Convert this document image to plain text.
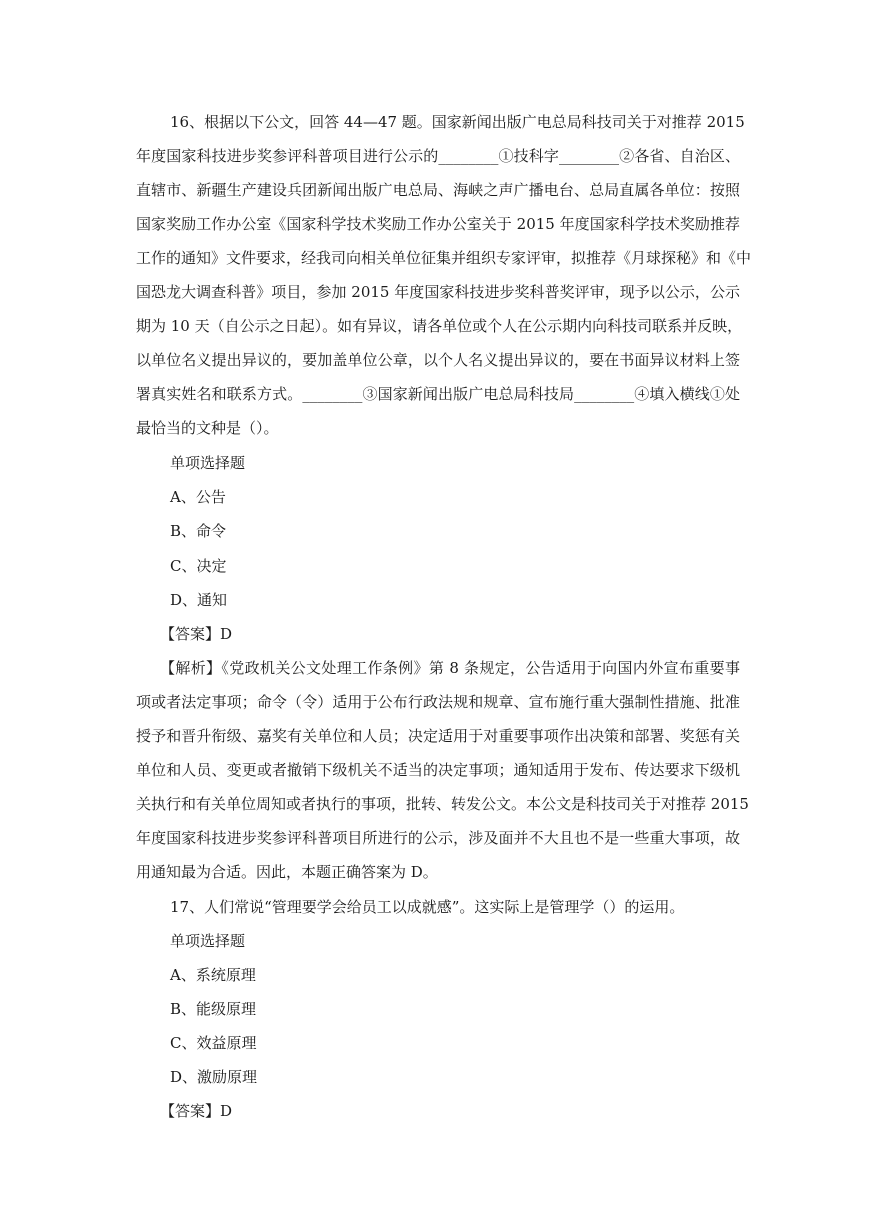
16、根据以下公文，回答 44—47 题。国家新闻出版广电总局科技司关于对推荐 2015
年度国家科技进步奖参评科普项目进行公示的________①技科字________②各省、自治区、
直辖市、新疆生产建设兵团新闻出版广电总局、海峡之声广播电台、总局直属各单位：按照
国家奖励工作办公室《国家科学技术奖励工作办公室关于 2015 年度国家科学技术奖励推荐
工作的通知》文件要求，经我司向相关单位征集并组织专家评审，拟推荐《月球探秘》和《中
国恐龙大调查科普》项目，参加 2015 年度国家科技进步奖科普奖评审，现予以公示，公示
期为 10 天（自公示之日起）。如有异议，请各单位或个人在公示期内向科技司联系并反映，
以单位名义提出异议的，要加盖单位公章，以个人名义提出异议的，要在书面异议材料上签
署真实姓名和联系方式。________③国家新闻出版广电总局科技局________④填入横线①处
最恰当的文种是（）。
单项选择题
A、公告
B、命令
C、决定
D、通知
【答案】D
【解析】《党政机关公文处理工作条例》第 8 条规定，公告适用于向国内外宣布重要事
项或者法定事项；命令（令）适用于公布行政法规和规章、宣布施行重大强制性措施、批准
授予和晋升衔级、嘉奖有关单位和人员；决定适用于对重要事项作出决策和部署、奖惩有关
单位和人员、变更或者撤销下级机关不适当的决定事项；通知适用于发布、传达要求下级机
关执行和有关单位周知或者执行的事项，批转、转发公文。本公文是科技司关于对推荐 2015
年度国家科技进步奖参评科普项目所进行的公示，涉及面并不大且也不是一些重大事项，故
用通知最为合适。因此，本题正确答案为 D。
17、人们常说“管理要学会给员工以成就感”。这实际上是管理学（）的运用。
单项选择题
A、系统原理
B、能级原理
C、效益原理
D、激励原理
【答案】D
